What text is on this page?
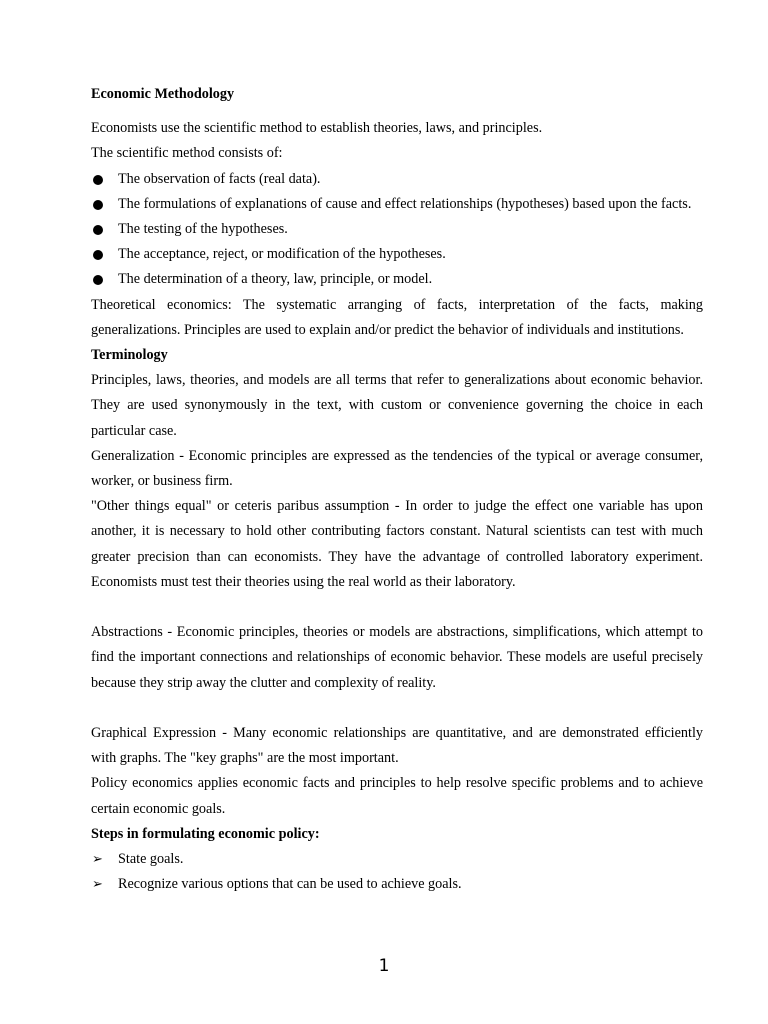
Economic Methodology

Economists use the scientific method to establish theories, laws, and principles.

The scientific method consists of:

The observation of facts (real data).

The formulations of explanations of cause and effect relationships (hypotheses) based upon the facts.

The testing of the hypotheses.

The acceptance, reject, or modification of the hypotheses.

The determination of a theory, law, principle, or model.

Theoretical economics: The systematic arranging of facts, interpretation of the facts, making generalizations. Principles are used to explain and/or predict the behavior of individuals and institutions.

Terminology

Principles, laws, theories, and models are all terms that refer to generalizations about economic behavior. They are used synonymously in the text, with custom or convenience governing the choice in each particular case.

Generalization - Economic principles are expressed as the tendencies of the typical or average consumer, worker, or business firm.

"Other things equal" or ceteris paribus assumption - In order to judge the effect one variable has upon another, it is necessary to hold other contributing factors constant. Natural scientists can test with much greater precision than can economists. They have the advantage of controlled laboratory experiment. Economists must test their theories using the real world as their laboratory.

Abstractions - Economic principles, theories or models are abstractions, simplifications, which attempt to find the important connections and relationships of economic behavior. These models are useful precisely because they strip away the clutter and complexity of reality.

Graphical Expression - Many economic relationships are quantitative, and are demonstrated efficiently with graphs. The "key graphs" are the most important.

Policy economics applies economic facts and principles to help resolve specific problems and to achieve certain economic goals.

Steps in formulating economic policy:

➢ State goals.

➢ Recognize various options that can be used to achieve goals.

1
